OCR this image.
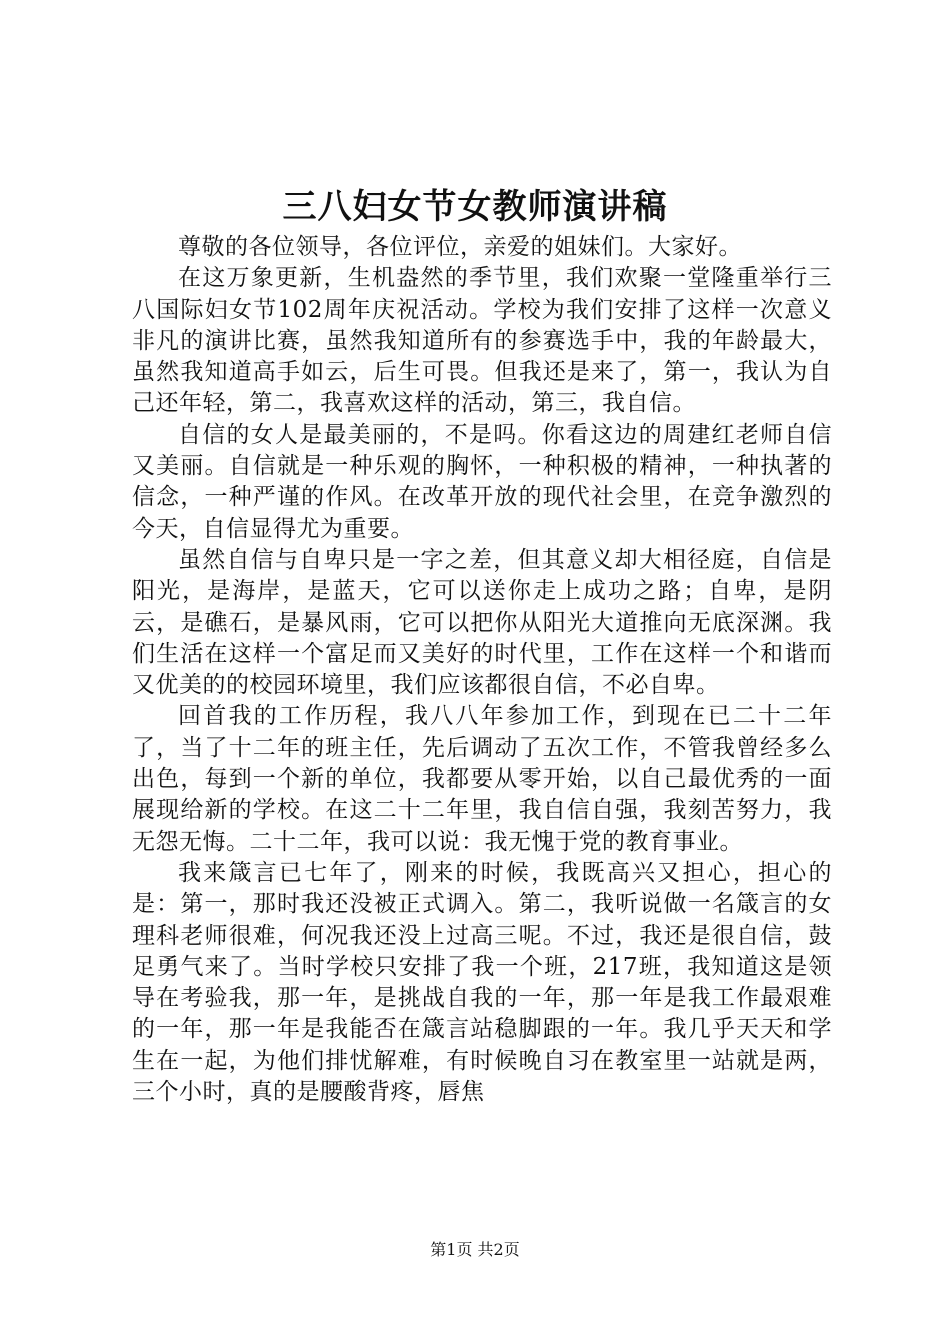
三八妇女节女教师演讲稿

尊敬的各位领导，各位评位，亲爱的姐妹们。大家好。

在这万象更新，生机盎然的季节里，我们欢聚一堂隆重举行三八国际妇女节102周年庆祝活动。学校为我们安排了这样一次意义非凡的演讲比赛，虽然我知道所有的参赛选手中，我的年龄最大，虽然我知道高手如云，后生可畏。但我还是来了，第一，我认为自己还年轻，第二，我喜欢这样的活动，第三，我自信。

自信的女人是最美丽的，不是吗。你看这边的周建红老师自信又美丽。自信就是一种乐观的胸怀，一种积极的精神，一种执著的信念，一种严谨的作风。在改革开放的现代社会里，在竞争激烈的今天，自信显得尤为重要。

虽然自信与自卑只是一字之差，但其意义却大相径庭，自信是阳光，是海岸，是蓝天，它可以送你走上成功之路；自卑，是阴云，是礁石，是暴风雨，它可以把你从阳光大道推向无底深渊。我们生活在这样一个富足而又美好的时代里，工作在这样一个和谐而又优美的的校园环境里，我们应该都很自信，不必自卑。

回首我的工作历程，我八八年参加工作，到现在已二十二年了，当了十二年的班主任，先后调动了五次工作，不管我曾经多么出色，每到一个新的单位，我都要从零开始，以自己最优秀的一面展现给新的学校。在这二十二年里，我自信自强，我刻苦努力，我无怨无悔。二十二年，我可以说：我无愧于党的教育事业。

我来箴言已七年了，刚来的时候，我既高兴又担心，担心的是：第一，那时我还没被正式调入。第二，我听说做一名箴言的女理科老师很难，何况我还没上过高三呢。不过，我还是很自信，鼓足勇气来了。当时学校只安排了我一个班，217班，我知道这是领导在考验我，那一年，是挑战自我的一年，那一年是我工作最艰难的一年，那一年是我能否在箴言站稳脚跟的一年。我几乎天天和学生在一起，为他们排忧解难，有时候晚自习在教室里一站就是两，三个小时，真的是腰酸背疼，唇焦

第1页 共2页
